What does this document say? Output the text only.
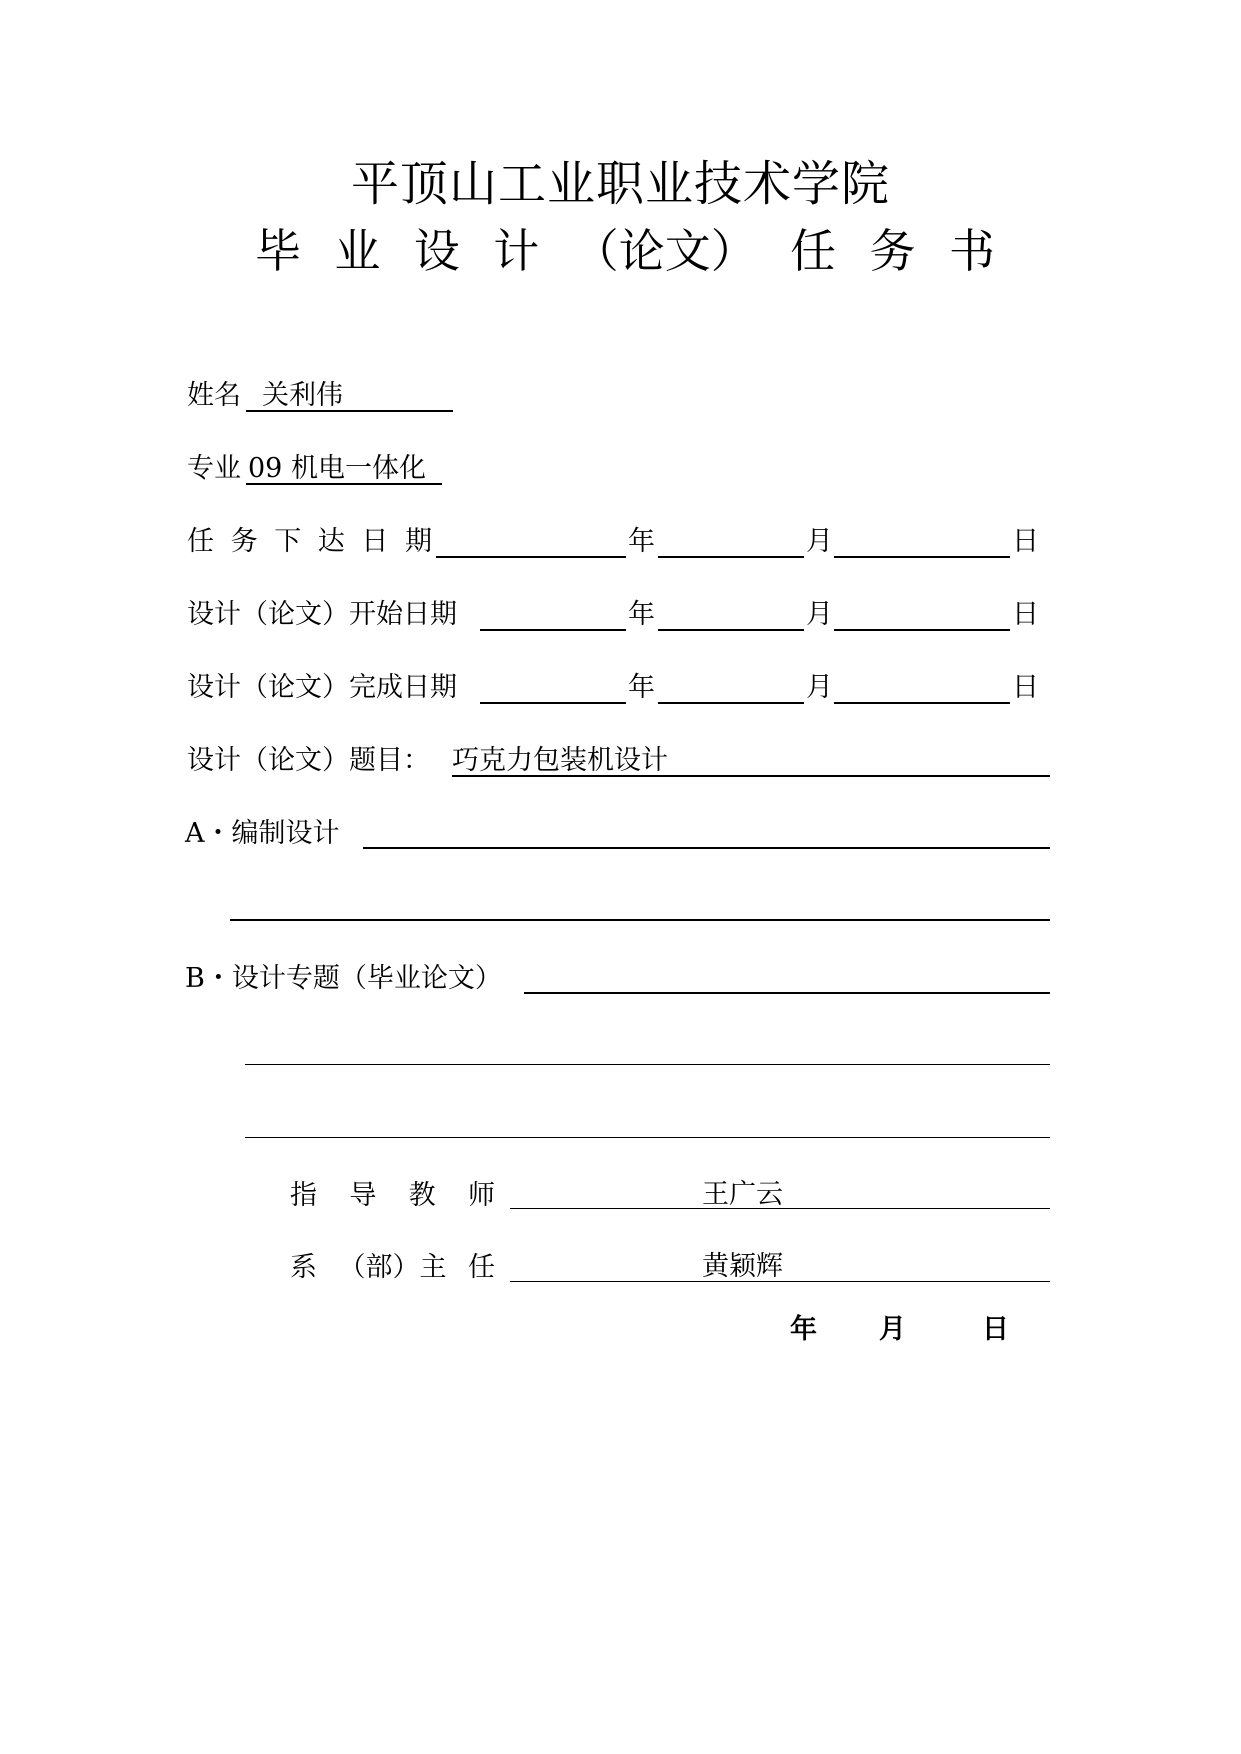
平顶山工业职业技术学院
毕 业 设 计 （论文） 任 务 书
姓名 关利伟
专业 09 机电一体化
任 务 下 达 日 期	年	月	日
设计（论文）开始日期	年	月	日
设计（论文）完成日期	年	月	日
设计（论文）题目： 巧克力包装机设计
A・编制设计
B・设计专题（毕业论文）
指 导 教 师	王广云
系 （部）主 任	黄颖辉
年 月	日
